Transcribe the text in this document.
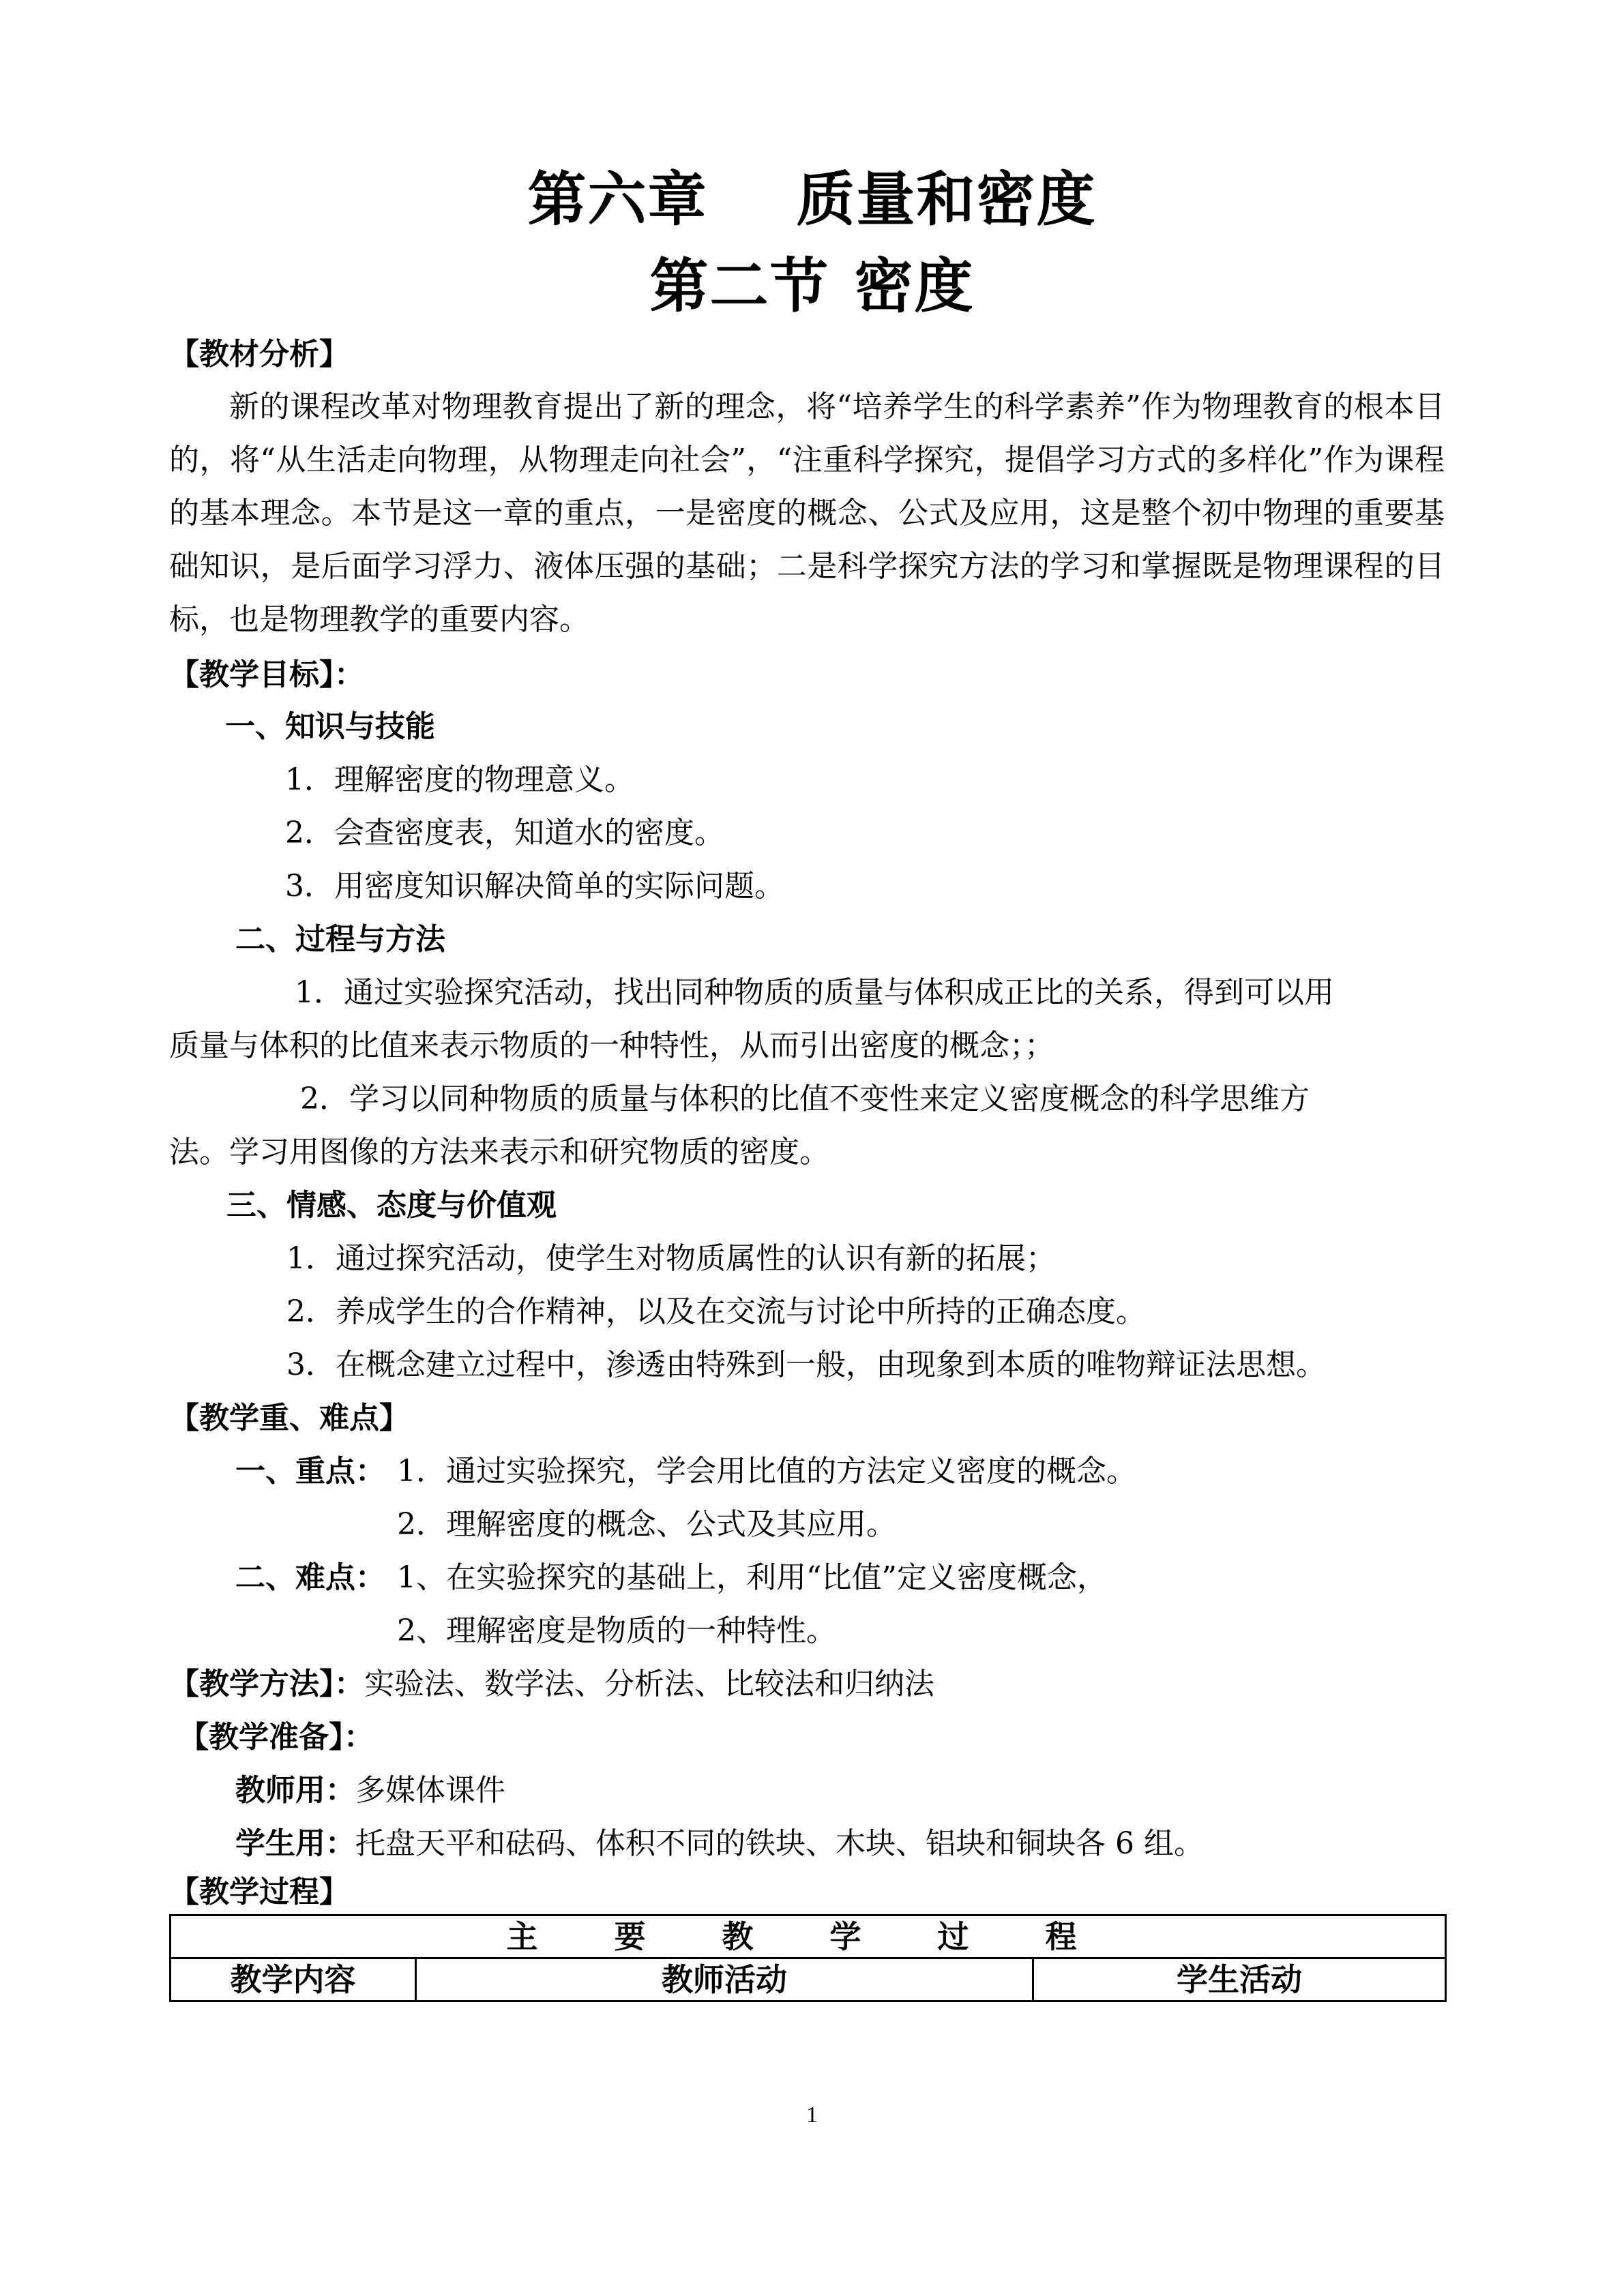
第六章 质量和密度
第二节 密度
【教材分析】
新的课程改革对物理教育提出了新的理念，将“培养学生的科学素养”作为物理教育的根本目的，将“从生活走向物理，从物理走向社会”，“注重科学探究，提倡学习方式的多样化”作为课程的基本理念。本节是这一章的重点，一是密度的概念、公式及应用，这是整个初中物理的重要基础知识，是后面学习浮力、液体压强的基础；二是科学探究方法的学习和掌握既是物理课程的目标，也是物理教学的重要内容。
【教学目标】：
一、知识与技能
1．理解密度的物理意义。
2．会查密度表，知道水的密度。
3．用密度知识解决简单的实际问题。
二、过程与方法
1．通过实验探究活动，找出同种物质的质量与体积成正比的关系，得到可以用
质量与体积的比值来表示物质的一种特性，从而引出密度的概念；；
2．学习以同种物质的质量与体积的比值不变性来定义密度概念的科学思维方
法。学习用图像的方法来表示和研究物质的密度。
三、情感、态度与价值观
1．通过探究活动，使学生对物质属性的认识有新的拓展；
2．养成学生的合作精神，以及在交流与讨论中所持的正确态度。
3．在概念建立过程中，渗透由特殊到一般，由现象到本质的唯物辩证法思想。
【教学重、难点】
一、重点： 1．通过实验探究，学会用比值的方法定义密度的概念。
2．理解密度的概念、公式及其应用。
二、难点： 1、在实验探究的基础上，利用“比值”定义密度概念，
2、理解密度是物质的一种特性。
【教学方法】：实验法、数学法、分析法、比较法和归纳法
【教学准备】：
教师用：多媒体课件
学生用：托盘天平和砝码、体积不同的铁块、木块、铝块和铜块各 6 组。
【教学过程】
主 要 教 学 过 程
教学内容	教师活动	学生活动
1
